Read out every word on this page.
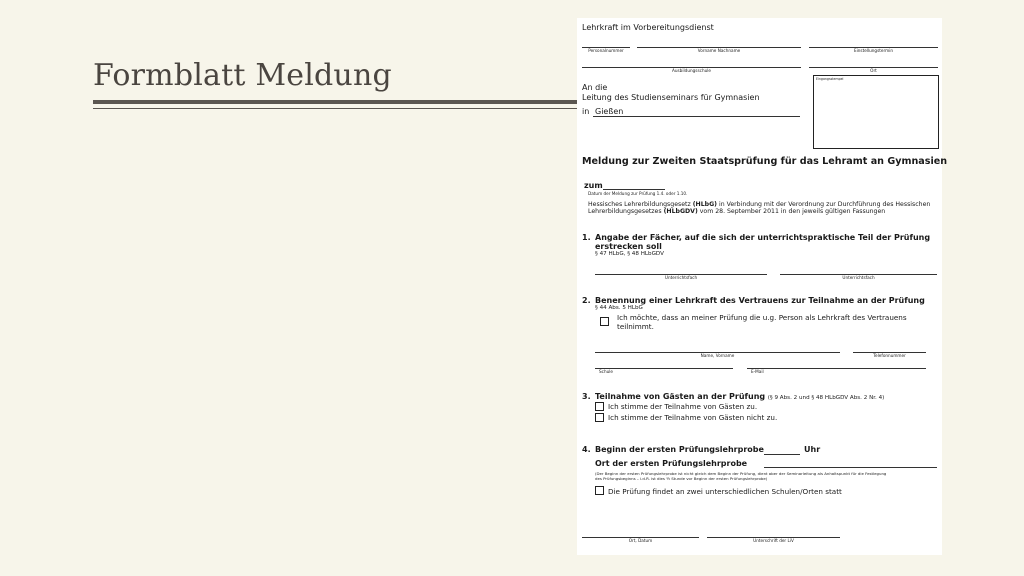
Formblatt Meldung
Lehrkraft im Vorbereitungsdienst
Personalnummer	Vorname Nachname	Einstellungstermin
Ausbildungsschule	Ort
Eingangsstempel
An die
Leitung des Studienseminars für Gymnasien
in Gießen
Meldung zur Zweiten Staatsprüfung für das Lehramt an Gymnasien
zum
Datum der Meldung zur Prüfung 1.4. oder 1.10.
Hessisches Lehrerbildungsgesetz (HLbG) in Verbindung mit der Verordnung zur Durchführung des Hessischen
Lehrerbildungsgesetzes (HLbGDV) vom 28. September 2011 in den jeweils gültigen Fassungen
1. Angabe der Fächer, auf die sich der unterrichtspraktische Teil der Prüfung
erstrecken soll
§ 47 HLbG, § 48 HLbGDV
Unterrichtsfach	Unterrichtsfach
2. Benennung einer Lehrkraft des Vertrauens zur Teilnahme an der Prüfung
§ 44 Abs. 5 HLbG
Ich möchte, dass an meiner Prüfung die u.g. Person als Lehrkraft des Vertrauens
teilnimmt.
Name, Vorname	Telefonnummer
Schule	E-Mail
3. Teilnahme von Gästen an der Prüfung (§ 9 Abs. 2 und § 48 HLbGDV Abs. 2 Nr. 4)
Ich stimme der Teilnahme von Gästen zu.
Ich stimme der Teilnahme von Gästen nicht zu.
4. Beginn der ersten Prüfungslehrprobe	Uhr
Ort der ersten Prüfungslehrprobe
(Der Beginn der ersten Prüfungslehrprobe ist nicht gleich dem Beginn der Prüfung, dient aber der Seminarleitung als Anhaltspunkt für die Festlegung
des Prüfungsbeginns – i.d.R. ist dies ½ Stunde vor Beginn der ersten Prüfungslehrprobe)
Die Prüfung findet an zwei unterschiedlichen Schulen/Orten statt
Ort, Datum	Unterschrift der LiV
